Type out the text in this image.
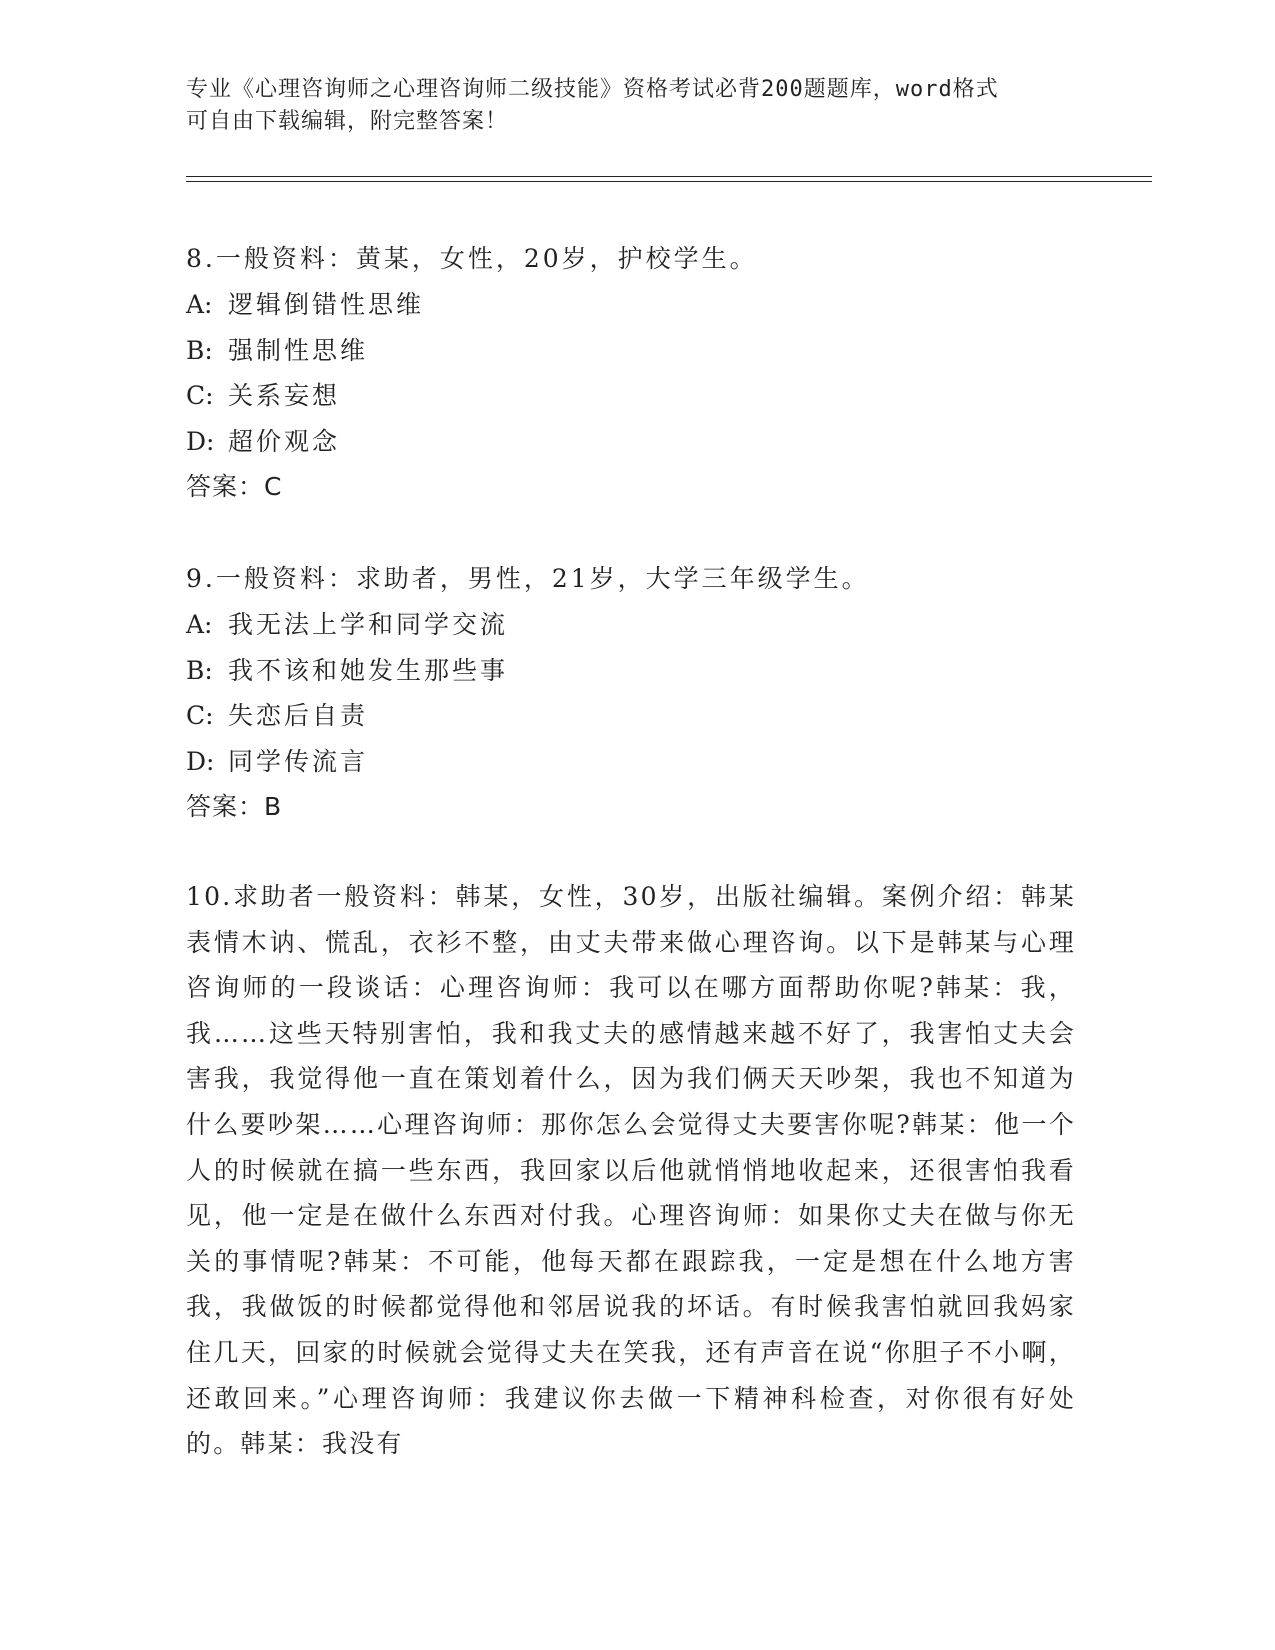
专业《心理咨询师之心理咨询师二级技能》资格考试必背200题题库，word格式
可自由下载编辑，附完整答案！
8.一般资料：黄某，女性，20岁，护校学生。
A: 逻辑倒错性思维
B: 强制性思维
C: 关系妄想
D: 超价观念
答案：C
9.一般资料：求助者，男性，21岁，大学三年级学生。
A: 我无法上学和同学交流
B: 我不该和她发生那些事
C: 失恋后自责
D: 同学传流言
答案：B
10.求助者一般资料：韩某，女性，30岁，出版社编辑。案例介绍：韩某表情木讷、慌乱，衣衫不整，由丈夫带来做心理咨询。以下是韩某与心理咨询师的一段谈话：心理咨询师：我可以在哪方面帮助你呢?韩某：我，我……这些天特别害怕，我和我丈夫的感情越来越不好了，我害怕丈夫会害我，我觉得他一直在策划着什么，因为我们俩天天吵架，我也不知道为什么要吵架……心理咨询师：那你怎么会觉得丈夫要害你呢?韩某：他一个人的时候就在搞一些东西，我回家以后他就悄悄地收起来，还很害怕我看见，他一定是在做什么东西对付我。心理咨询师：如果你丈夫在做与你无关的事情呢?韩某：不可能，他每天都在跟踪我，一定是想在什么地方害我，我做饭的时候都觉得他和邻居说我的坏话。有时候我害怕就回我妈家住几天，回家的时候就会觉得丈夫在笑我，还有声音在说“你胆子不小啊，还敢回来。”心理咨询师：我建议你去做一下精神科检查，对你很有好处的。韩某：我没有
